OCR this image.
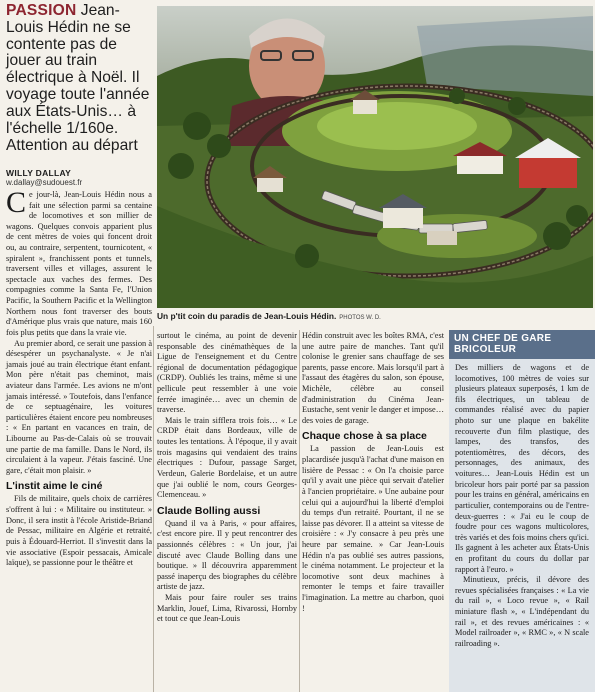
PASSION Jean-Louis Hédin ne se contente pas de jouer au train électrique à Noël. Il voyage toute l'année aux États-Unis… à l'échelle 1/160e. Attention au départ
WILLY DALLAY
w.dallay@sudouest.fr

Ce jour-là, Jean-Louis Hédin nous a fait une sélection parmi sa centaine de locomotives et son millier de wagons. Quelques convois apparient plus de cent mètres de voies qui foncent droit ou, au contraire, serpentent, tournicotent, « spiralent », franchissent ponts et tunnels, traversent villes et villages, assurent le spectacle aux vaches des fermes. Des compagnies comme la Santa Fe, l'Union Pacific, la Southern Pacific et la Wellington Northern nous font traverser des bouts d'Amérique plus vrais que nature, mais 160 fois plus petits que dans la vraie vie.

Au premier abord, ce serait une passion à désespérer un psychanalyste. « Je n'ai jamais joué au train électrique étant enfant. Mon père n'était pas cheminot, mais aviateur dans l'armée. Les avions ne m'ont jamais intéressé. » Toutefois, dans l'enfance de ce septuagénaire, les voitures particulières étaient encore peu nombreuses : « En partant en vacances en train, de Libourne au Pas-de-Calais où se trouvait une partie de ma famille. Dans le Nord, ils circulaient à la vapeur. J'étais fasciné. Une gare, c'était mon plaisir. »

L'instit aime le ciné

Fils de militaire, quels choix de carrières s'offrent à lui : « Militaire ou instituteur. » Donc, il sera instit à l'école Aristide-Briand de Pessac, militaire en Algérie et retraité, puis à Édouard-Herriot. Il s'investit dans la vie associative (Espoir pessacais, Amicale laïque), se passionne pour le théâtre et

Un p'tit coin du paradis de Jean-Louis Hédin. PHOTOS W. D.

surtout le cinéma, au point de devenir responsable des cinémathèques de la Ligue de l'enseignement et du Centre régional de documentation pédagogique (CRDP). Oubliés les trains, même si une pellicule peut ressembler à une voie ferrée imaginée… avec un chemin de traverse.

Mais le train sifflera trois fois… « Le CRDP était dans Bordeaux, ville de toutes les tentations. À l'époque, il y avait trois magasins qui vendaient des trains électriques : Dufour, passage Sarget, Verdeun, Galerie Bordelaise, et un autre que j'ai oublié le nom, cours Georges-Clemenceau. »

Claude Bolling aussi

Quand il va à Paris, « pour affaires, c'est encore pire. Il y peut rencontrer des passionnés célèbres : « Un jour, j'ai discuté avec Claude Bolling dans une boutique. » Il découvrira apparemment passé inaperçu des biographes du célèbre artiste de jazz.

Mais pour faire rouler ses trains Marklin, Jouef, Lima, Rivarossi, Hornby et tout ce que Jean-Louis

Hédin construit avec les boîtes RMA, c'est une autre paire de manches. Tant qu'il colonise le grenier sans chauffage de ses parents, passe encore. Mais lorsqu'il part à l'assaut des étagères du salon, son épouse, Michèle, célèbre au conseil d'administration du Cinéma Jean-Eustache, sent venir le danger et impose… des voies de garage.

Chaque chose à sa place

La passion de Jean-Louis est placardisée jusqu'à l'achat d'une maison en lisière de Pessac : « On l'a choisie parce qu'il y avait une pièce qui servait d'atelier à l'ancien propriétaire. » Une aubaine pour celui qui a aujourd'hui la liberté d'emploi du temps d'un retraité. Pourtant, il ne se laisse pas dévorer. Il a atteint sa vitesse de croisière : « J'y consacre à peu près une heure par semaine. » Car Jean-Louis Hédin n'a pas oublié ses autres passions, le cinéma notamment. Le projecteur et la locomotive sont deux machines à remonter le temps et faire travailler l'imagination. La mettre au charbon, quoi !

UN CHEF DE GARE BRICOLEUR

Des milliers de wagons et de locomotives, 100 mètres de voies sur plusieurs plateaux superposés, 1 km de fils électriques, un tableau de commandes réalisé avec du papier photo sur une plaque en bakélite recouverte d'un film plastique, des lampes, des transfos, des potentiomètres, des décors, des personnages, des animaux, des voitures… Jean-Louis Hédin est un bricoleur hors pair porté par sa passion pour les trains en général, américains en particulier, contemporains ou de l'entre-deux-guerres : « J'ai eu le coup de foudre pour ces wagons multicolores, très variés et des fois moins chers qu'ici. Ils gagnent à les acheter aux États-Unis en profitant du cours du dollar par rapport à l'euro. »

Minutieux, précis, il dévore des revues spécialisées françaises : « La vie du rail », « Loco revue », « Rail miniature flash », « L'indépendant du rail », et des revues américaines : « Model railroader », « RMC », « N scale railroading ».
